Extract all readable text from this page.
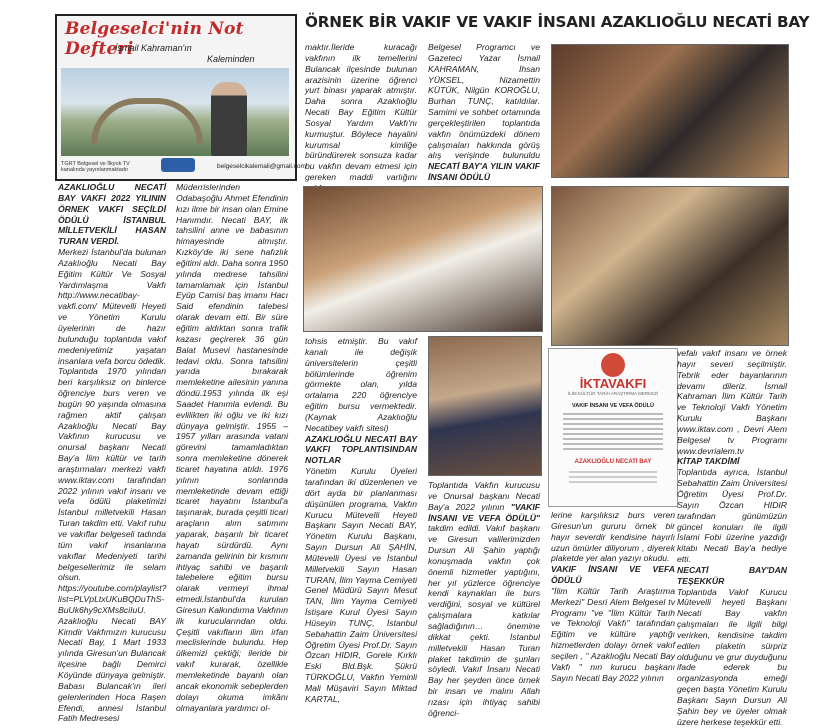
Belgeselci'nin Not Defteri
İsmail Kahraman'ın
Kaleminden
TGRT Belgesel ve İlkyok TV kanalında yayınlanmaktadır	belgeselcikalemali@gmail.com
ÖRNEK BİR VAKIF VE VAKIF İNSANI AZAKLIOĞLU NECATİ BAY
AZAKLIOĞLU NECATİ BAY VAKFI 2022 YILININ ÖRNEK VAKFI SEÇİLDİ ÖDÜLÜ İSTANBUL MİLLETVEKİLİ HASAN TURAN VERDİ.

Merkezi İstanbul'da bulunan Azaklıoğlu Necati Bay Eğitim Kültür Ve Sosyal Yardımlaşma Vakfı http://www.necatibay-vakfi.com/ Mütevelli Heyeti ve Yönetim Kurulu üyelerinin de hazır bulunduğu toplantıda vakıf medeniyetimiz yaşatan insanlara vefa borcu ödedik. Toplantıda 1970 yılından beri karşılıksız on binlerce öğrenciye burs veren ve bugün 90 yaşında olmasına rağmen aktif çalışan Azaklıoğlu Necati Bay Vakfının kurucusu ve onursal başkanı Necati Bay'a İlim kültür ve tarih araştırmaları merkezi vakfı www.iktav.com tarafından 2022 yılının vakıf insanı ve vefa ödülü plaketimizi İstanbul milletvekili Hasan Turan takdim etti. Vakıf ruhu ve vakıflar belgeseli tadında tüm vakıf insanlarına vakıflar Medeniyeti tarihi belgesellerimiz ile selam olsun. https://youtube.com/playlist?list=PLVpLtxUKuBQDuThS-BuUk6hy9cXMs8ciIuU. Azaklıoğlu Necati BAY Kimdir Vakfımızın kurucusu Necati Bay, 1 Mart 1933 yılında Giresun'un Bulancak ilçesine bağlı Demirci Köyünde dünyaya gelmiştir. Babası Bulancak'ın ileri gelenlerinden Hoca Raşen Efendi, annesi İstanbul Fatih Medresesi

Müderrislerinden Odabaşoğlu Ahmet Efendinin kızı ilme bir insan olan Emine Hanımdır. Necati BAY, ilk tahsilini anne ve babasının himayesinde almıştır. Kızköy'de iki sene hafızlık eğitimi aldı. Daha sonra 1950 yılında medrese tahsilini tamamlamak için İstanbul Eyüp Camisi baş imamı Hacı Said efendinin talebesi olarak devam etti. Bir süre eğitim aldıktan sonra trafik kazası geçirerek 36 gün Balat Musevi hastanesinde tedavi oldu. Sonra tahsilini yarıda bırakarak memleketine ailesinin yanına döndü.1953 yılında ilk eşi Saadet Hanımla evlendi. Bu evlilikten iki oğlu ve iki kızı dünyaya gelmiştir. 1955 – 1957 yılları arasında vatani görevini tamamladıktan sonra memleketine dönerek ticaret hayatına atıldı. 1976 yılının sonlarında memleketinde devam ettiği ticaret hayatını İstanbul'a taşınarak, burada çeşitli ticari araçların alım satımını yaparak, başarılı bir ticaret hayatı sürdürdü. Aynı zamanda gelirinin bir kısmını ihtiyaç sahibi ve başarılı talebelere eğitim bursu olarak vermeyi ihmal etmedi.İstanbul'da kurulan Giresun Kalkındırma Vakfının ilk kurucularından oldu. Çeşitli vakıfların ilim irfan meclislerinde bulundu. Hep ülkemizi çektiği; ileride bir vakıf kurarak, özellikle memleketinde bayanlı olan ancak ekonomik sebeplerden dolayı okuma imkânı olmayanlara yardımcı ol-

maktır.İleride kuracağı vakfının ilk temellerini Bulancak ilçesinde bulunan arazisinin üzerine öğrenci yurt binası yaparak atmıştır. Daha sonra Azaklıoğlu Necati Bay Eğitim Kültür Sosyal Yardım Vakfı'nı kurmuştur. Böylece hayalini kurumsal kimliğe büründürerek sonsuza kadar bu vakfın devam etmesi için gereken maddi varlığını

Belgesel Programcı ve Gazeteci Yazar İsmail KAHRAMAN, İhsan YÜKSEL, Nizamettin KÜTÜK, Nilgün KOROĞLU, Burhan TUNÇ, katıldılar. Samimi ve sohbet ortamında gerçekleştirilen toplantıda vakfın önümüzdeki dönem çalışmaları hakkında görüş alış verişinde bulunuldu NECATİ BAY'A YILIN VAKIF İNSANI ÖDÜLÜ

tohsis etmiştir. Bu vakıf kanalı ile değişik üniversitelerin çeşitli bölümlerinde öğrenim görmekte olan, yılda ortalama 220 öğrenciye eğitim bursu vermektedir. (Kaynak Azaklıoğlu Necatibey vakfı sitesi)

AZAKLIOĞLU NECATİ BAY VAKFI TOPLANTISINDAN NOTLAR

Yönetim Kurulu Üyeleri tarafından iki düzenlenen ve dört ayda bir planlanması düşünülen programa, Vakfın Kurucu Mütevelli Heyeti Başkanı Sayın Necati BAY, Yönetim Kurulu Başkanı, Sayın Dursun Ali ŞAHİN, Mütevelli Üyesi ve İstanbul Milletvekili Sayın Hasan TURAN, İlim Yayma Cemiyeti Genel Müdürü Sayın Mesut TAN, İlim Yayma Cemiyeti İstişare Kurul Üyesi Sayın Hüseyin TUNÇ, İstanbul Sebahattin Zaim Üniversitesi Öğretim Üyesi Prof.Dr. Sayın Özcan HIDIR, Gorele Kırklı Eski Bld.Bşk. Şükrü TÜRKOĞLU, Vakfın Yeminli Mali Müşaviri Sayın Miktad KARTAL,

Toplantıda Vakfın kurucusu ve Onursal başkanı Necati Bay'a 2022 yılının "VAKIF İNSANI VE VEFA ÖDÜLÜ" takdim edildi. Vakıf başkanı ve Giresun valilerimizden Dursun Ali Şahin yaptığı konuşmada vakfın çok önemli hizmetler yaptığını, her yıl yüzlerce öğrenciye kendi kaynakları ile burs verdiğini, sosyal ve kültürel çalışmalara katkılar sağladığının… önemine dikkat çekti. İstanbul milletvekili Hasan Turan plaket takdimin de şunları söyledi. Vakıf İnsanı Necati Bay her şeyden önce örnek bir insan ve malını Allah rızası için ihtiyaç sahibi öğrenci-

İKTAVAKFI
İLİM KÜLTÜR TARİH ARAŞTIRMA MERKEZİ
VAKIF İNSANI VE VEFA ÖDÜLÜ
AZAKLIOĞLU NECATİ BAY

lerine karşılıksız burs veren Giresun'un gururu örnek bir hayır severdir kendisine hayırlı uzun ömürler diliyorum , diyerek plaketde yer alan yazıyı okudu.

VAKIF İNSANI VE VEFA ÖDÜLÜ

"İlim Kültür Tarih Araştırma Merkezi" Desri Alem Belgesel tv Programı "ve "İlim Kültür Tarih ve Teknoloji Vakfı" tarafından Eğitim ve kültüre yaptığı hizmetlerden dolayı örnek vakıf seçilen , " Azaklıoğlu Necati Bay Vakfı " nın kurucu başkanı Sayın Necati Bay 2022 yılının

vefalı vakıf insanı ve örnek hayır severi seçilmiştir. Tebrik eder bayanlarının devamı dileriz. İsmail Kahraman İlim Kültür Tarih ve Teknoloji Vakfı Yönetim Kurulu Başkanı www.iktav.com , Devri Alem Belgesel tv Programı www.devrialem.tv

KİTAP TAKDİMİ

Toplantıda ayrıca, İstanbul Sebahattin Zaim Üniversitesi Öğretim Üyesi Prof.Dr. Sayın Özcan HIDIR tarafından günümüzün güncel konuları ile ilgili İslami Fobi üzerine yazdığı kitabı Necati Bay'a hediye etti.

NECATİ BAY'DAN TEŞEKKÜR

Toplantıda Vakıf Kurucu Mütevelli heyeti Başkanı Necati Bay vakfın çalışmaları ile ilgili bilgi verirken, kendisine takdim edilen plaketin sürpriz olduğunu ve grur duyduğunu ifade ederek bu organizasyonda emeği geçen başta Yönetim Kurulu Başkanı Sayın Dursun Ali Şahin bey ve üyeler olmak üzere herkese teşekkür etti.
